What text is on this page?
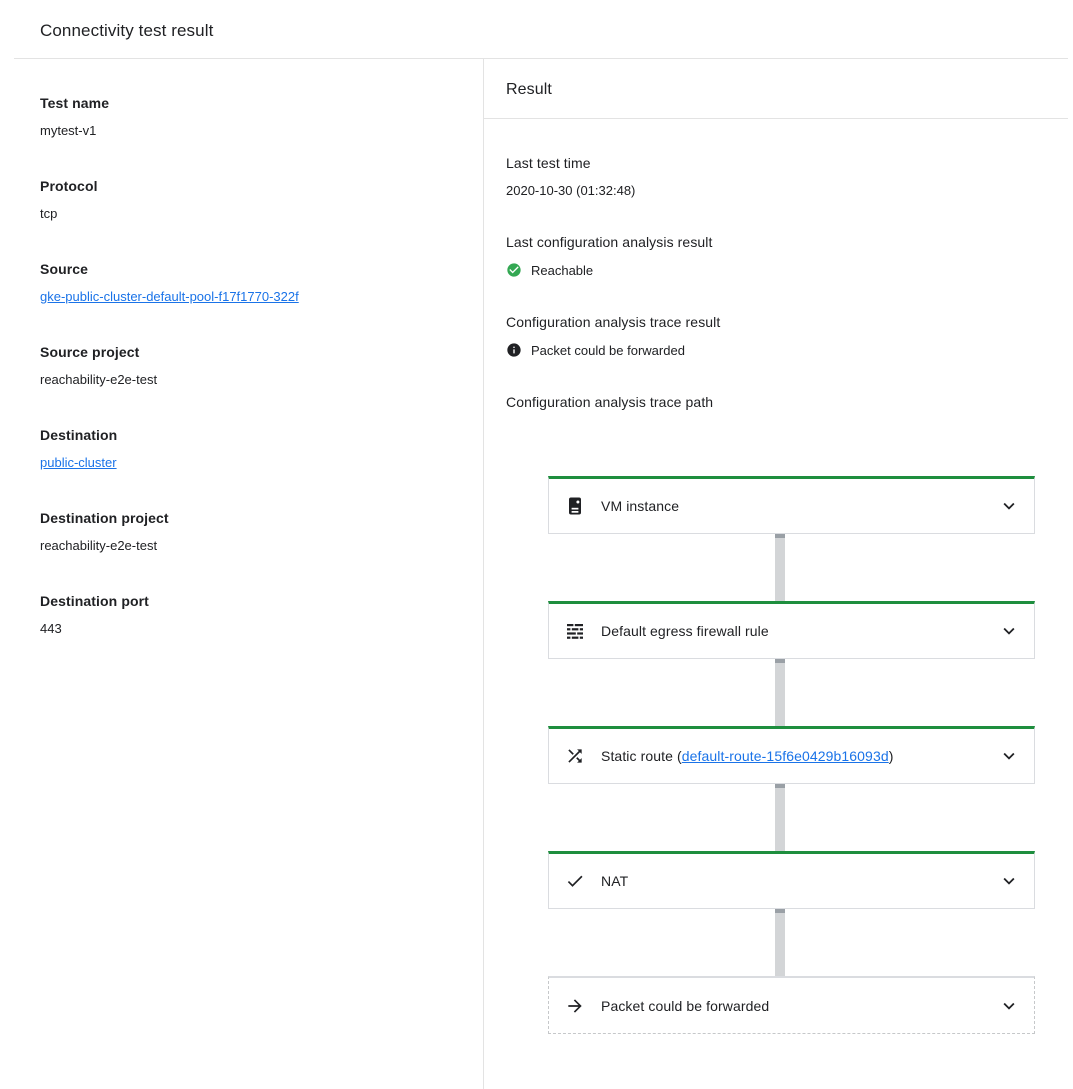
Connectivity test result
Test name
mytest-v1
Protocol
tcp
Source
gke-public-cluster-default-pool-f17f1770-322f
Source project
reachability-e2e-test
Destination
public-cluster
Destination project
reachability-e2e-test
Destination port
443
Result
Last test time
2020-10-30 (01:32:48)
Last configuration analysis result
Reachable
Configuration analysis trace result
Packet could be forwarded
Configuration analysis trace path
VM instance
Default egress firewall rule
Static route (default-route-15f6e0429b16093d)
NAT
Packet could be forwarded
